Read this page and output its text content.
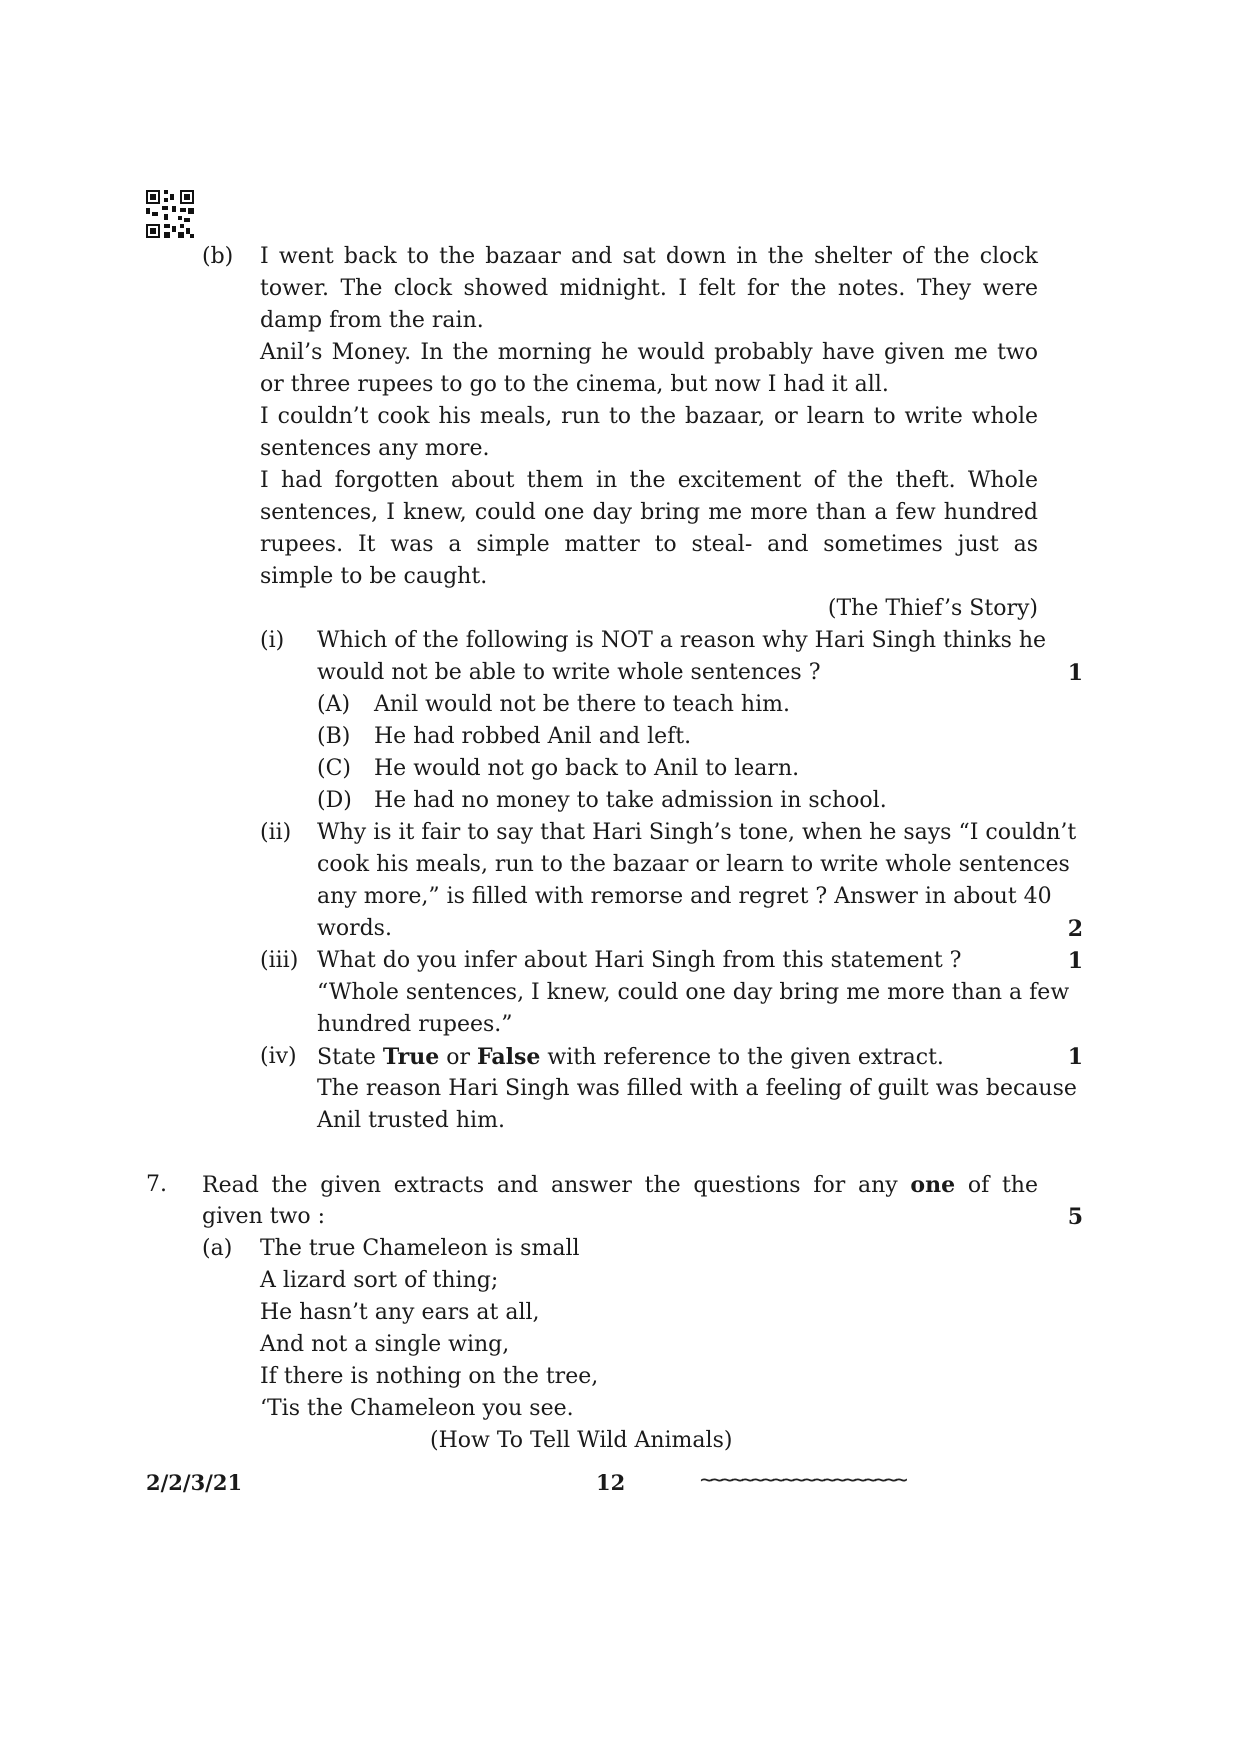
(b) I went back to the bazaar and sat down in the shelter of the clock
tower. The clock showed midnight. I felt for the notes. They were
damp from the rain.
Anil’s Money. In the morning he would probably have given me two
or three rupees to go to the cinema, but now I had it all.
I couldn’t cook his meals, run to the bazaar, or learn to write whole
sentences any more.
I had forgotten about them in the excitement of the theft. Whole
sentences, I knew, could one day bring me more than a few hundred
rupees. It was a simple matter to steal- and sometimes just as
simple to be caught.
(The Thief’s Story)
(i) Which of the following is NOT a reason why Hari Singh thinks he
would not be able to write whole sentences ?	1
(A) Anil would not be there to teach him.
(B) He had robbed Anil and left.
(C) He would not go back to Anil to learn.
(D) He had no money to take admission in school.
(ii) Why is it fair to say that Hari Singh’s tone, when he says “I couldn’t
cook his meals, run to the bazaar or learn to write whole sentences
any more,” is filled with remorse and regret ? Answer in about 40
words.	2
(iii) What do you infer about Hari Singh from this statement ?	1
“Whole sentences, I knew, could one day bring me more than a few
hundred rupees.”
(iv) State True or False with reference to the given extract.	1
The reason Hari Singh was filled with a feeling of guilt was because
Anil trusted him.
7. Read the given extracts and answer the questions for any one of the
given two :	5
(a) The true Chameleon is small
A lizard sort of thing;
He hasn’t any ears at all,
And not a single wing,
If there is nothing on the tree,
‘Tis the Chameleon you see.
(How To Tell Wild Animals)
2/2/3/21	12	~~~~~~~~~~~~~~~~~~~~
